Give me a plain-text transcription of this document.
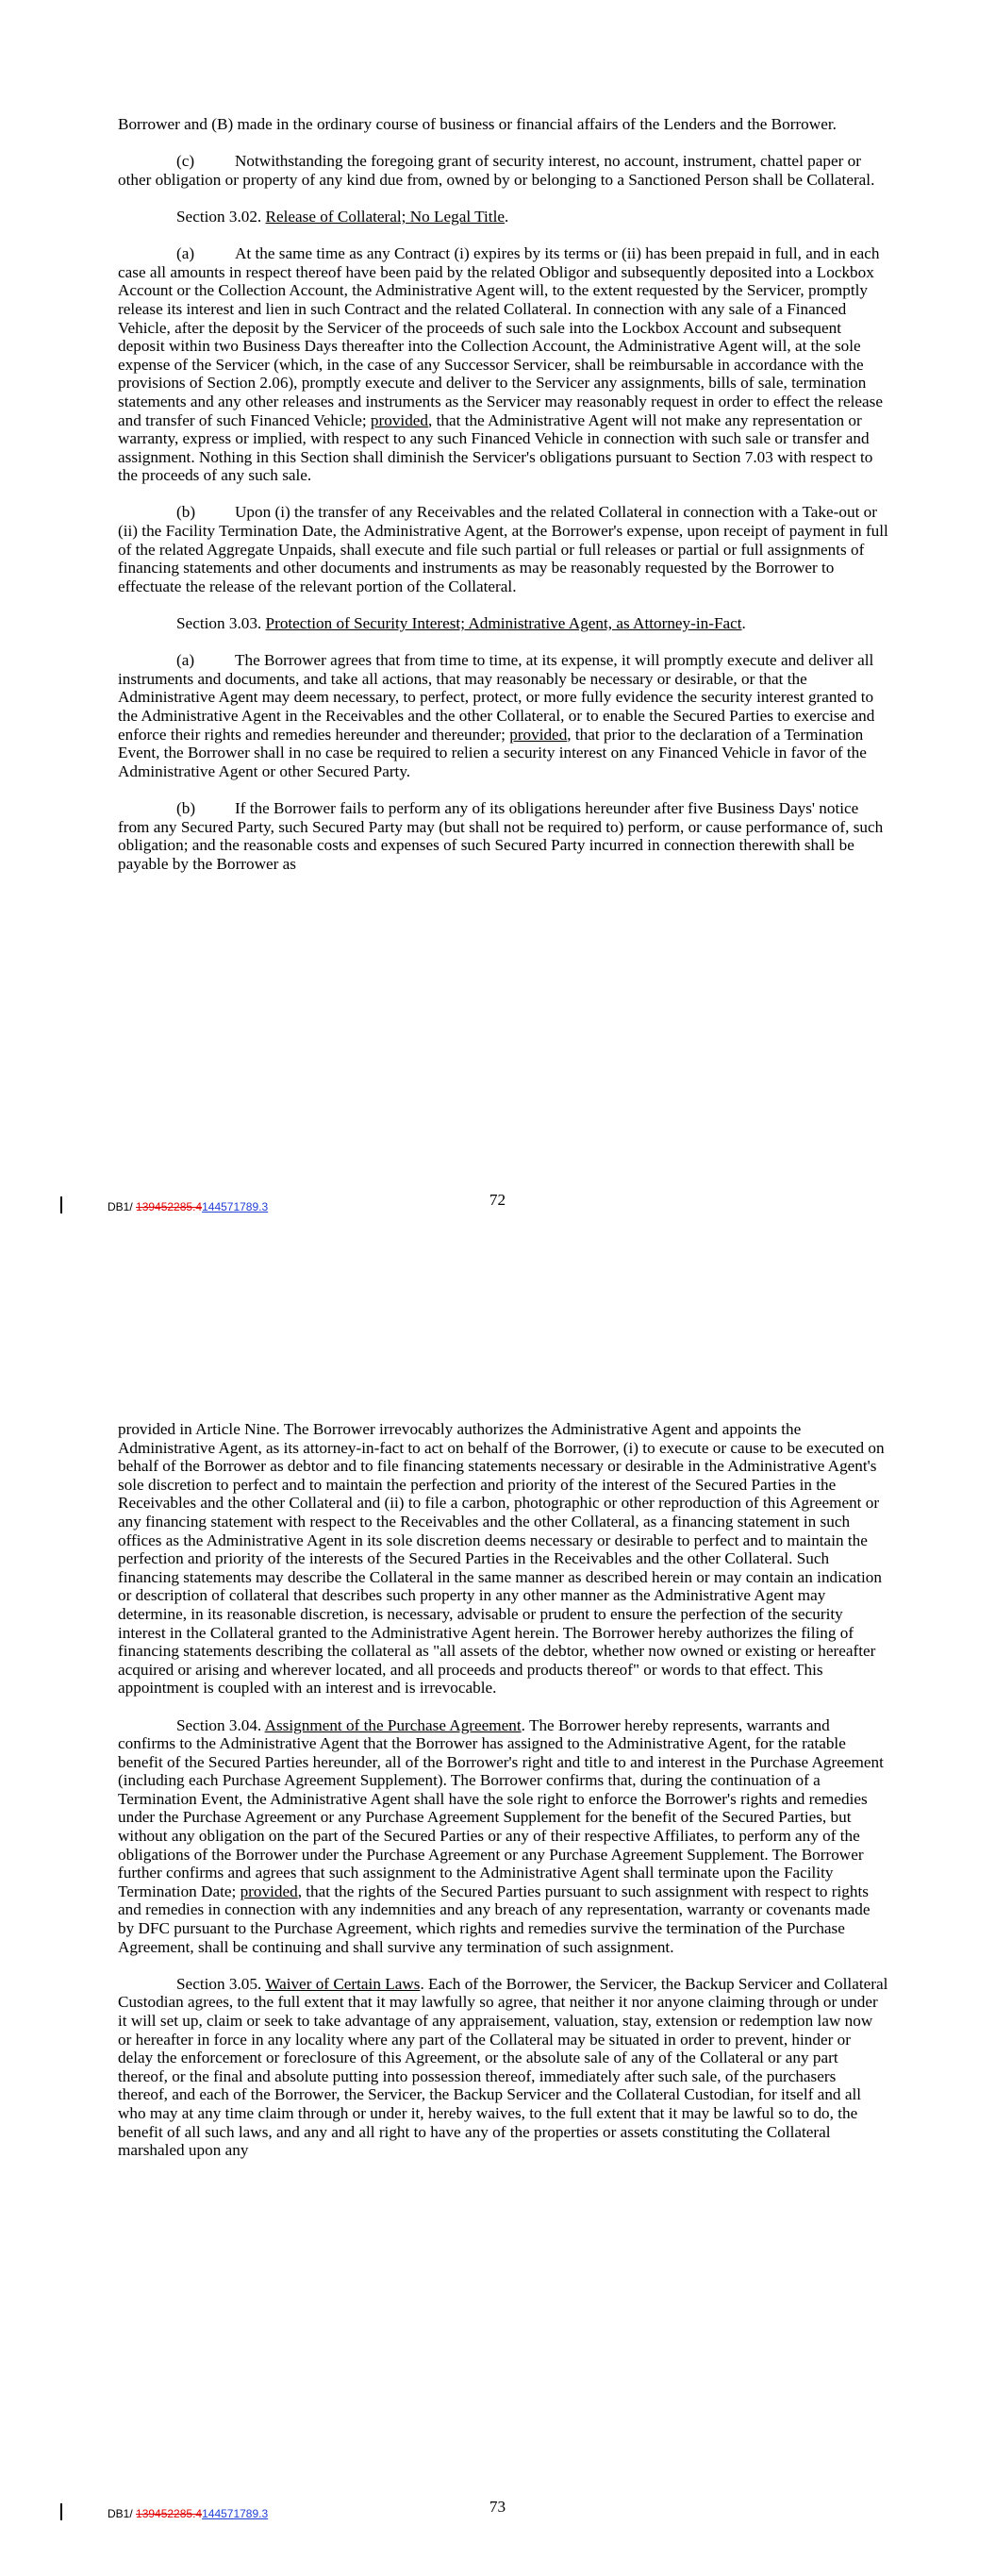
Borrower and (B) made in the ordinary course of business or financial affairs of the Lenders and the Borrower.

(c) Notwithstanding the foregoing grant of security interest, no account, instrument, chattel paper or other obligation or property of any kind due from, owned by or belonging to a Sanctioned Person shall be Collateral.

Section 3.02. Release of Collateral; No Legal Title.

(a) At the same time as any Contract (i) expires by its terms or (ii) has been prepaid in full, and in each case all amounts in respect thereof have been paid by the related Obligor and subsequently deposited into a Lockbox Account or the Collection Account, the Administrative Agent will, to the extent requested by the Servicer, promptly release its interest and lien in such Contract and the related Collateral. In connection with any sale of a Financed Vehicle, after the deposit by the Servicer of the proceeds of such sale into the Lockbox Account and subsequent deposit within two Business Days thereafter into the Collection Account, the Administrative Agent will, at the sole expense of the Servicer (which, in the case of any Successor Servicer, shall be reimbursable in accordance with the provisions of Section 2.06), promptly execute and deliver to the Servicer any assignments, bills of sale, termination statements and any other releases and instruments as the Servicer may reasonably request in order to effect the release and transfer of such Financed Vehicle; provided, that the Administrative Agent will not make any representation or warranty, express or implied, with respect to any such Financed Vehicle in connection with such sale or transfer and assignment. Nothing in this Section shall diminish the Servicer's obligations pursuant to Section 7.03 with respect to the proceeds of any such sale.

(b) Upon (i) the transfer of any Receivables and the related Collateral in connection with a Take-out or (ii) the Facility Termination Date, the Administrative Agent, at the Borrower's expense, upon receipt of payment in full of the related Aggregate Unpaids, shall execute and file such partial or full releases or partial or full assignments of financing statements and other documents and instruments as may be reasonably requested by the Borrower to effectuate the release of the relevant portion of the Collateral.

Section 3.03. Protection of Security Interest; Administrative Agent, as Attorney-in-Fact.

(a) The Borrower agrees that from time to time, at its expense, it will promptly execute and deliver all instruments and documents, and take all actions, that may reasonably be necessary or desirable, or that the Administrative Agent may deem necessary, to perfect, protect, or more fully evidence the security interest granted to the Administrative Agent in the Receivables and the other Collateral, or to enable the Secured Parties to exercise and enforce their rights and remedies hereunder and thereunder; provided, that prior to the declaration of a Termination Event, the Borrower shall in no case be required to relien a security interest on any Financed Vehicle in favor of the Administrative Agent or other Secured Party.

(b) If the Borrower fails to perform any of its obligations hereunder after five Business Days' notice from any Secured Party, such Secured Party may (but shall not be required to) perform, or cause performance of, such obligation; and the reasonable costs and expenses of such Secured Party incurred in connection therewith shall be payable by the Borrower as

DB1/ 139452285.4144571789.3	72

provided in Article Nine. The Borrower irrevocably authorizes the Administrative Agent and appoints the Administrative Agent, as its attorney-in-fact to act on behalf of the Borrower, (i) to execute or cause to be executed on behalf of the Borrower as debtor and to file financing statements necessary or desirable in the Administrative Agent's sole discretion to perfect and to maintain the perfection and priority of the interest of the Secured Parties in the Receivables and the other Collateral and (ii) to file a carbon, photographic or other reproduction of this Agreement or any financing statement with respect to the Receivables and the other Collateral, as a financing statement in such offices as the Administrative Agent in its sole discretion deems necessary or desirable to perfect and to maintain the perfection and priority of the interests of the Secured Parties in the Receivables and the other Collateral. Such financing statements may describe the Collateral in the same manner as described herein or may contain an indication or description of collateral that describes such property in any other manner as the Administrative Agent may determine, in its reasonable discretion, is necessary, advisable or prudent to ensure the perfection of the security interest in the Collateral granted to the Administrative Agent herein. The Borrower hereby authorizes the filing of financing statements describing the collateral as "all assets of the debtor, whether now owned or existing or hereafter acquired or arising and wherever located, and all proceeds and products thereof" or words to that effect. This appointment is coupled with an interest and is irrevocable.

Section 3.04. Assignment of the Purchase Agreement. The Borrower hereby represents, warrants and confirms to the Administrative Agent that the Borrower has assigned to the Administrative Agent, for the ratable benefit of the Secured Parties hereunder, all of the Borrower's right and title to and interest in the Purchase Agreement (including each Purchase Agreement Supplement). The Borrower confirms that, during the continuation of a Termination Event, the Administrative Agent shall have the sole right to enforce the Borrower's rights and remedies under the Purchase Agreement or any Purchase Agreement Supplement for the benefit of the Secured Parties, but without any obligation on the part of the Secured Parties or any of their respective Affiliates, to perform any of the obligations of the Borrower under the Purchase Agreement or any Purchase Agreement Supplement. The Borrower further confirms and agrees that such assignment to the Administrative Agent shall terminate upon the Facility Termination Date; provided, that the rights of the Secured Parties pursuant to such assignment with respect to rights and remedies in connection with any indemnities and any breach of any representation, warranty or covenants made by DFC pursuant to the Purchase Agreement, which rights and remedies survive the termination of the Purchase Agreement, shall be continuing and shall survive any termination of such assignment.

Section 3.05. Waiver of Certain Laws. Each of the Borrower, the Servicer, the Backup Servicer and Collateral Custodian agrees, to the full extent that it may lawfully so agree, that neither it nor anyone claiming through or under it will set up, claim or seek to take advantage of any appraisement, valuation, stay, extension or redemption law now or hereafter in force in any locality where any part of the Collateral may be situated in order to prevent, hinder or delay the enforcement or foreclosure of this Agreement, or the absolute sale of any of the Collateral or any part thereof, or the final and absolute putting into possession thereof, immediately after such sale, of the purchasers thereof, and each of the Borrower, the Servicer, the Backup Servicer and the Collateral Custodian, for itself and all who may at any time claim through or under it, hereby waives, to the full extent that it may be lawful so to do, the benefit of all such laws, and any and all right to have any of the properties or assets constituting the Collateral marshaled upon any

DB1/ 139452285.4144571789.3	73
